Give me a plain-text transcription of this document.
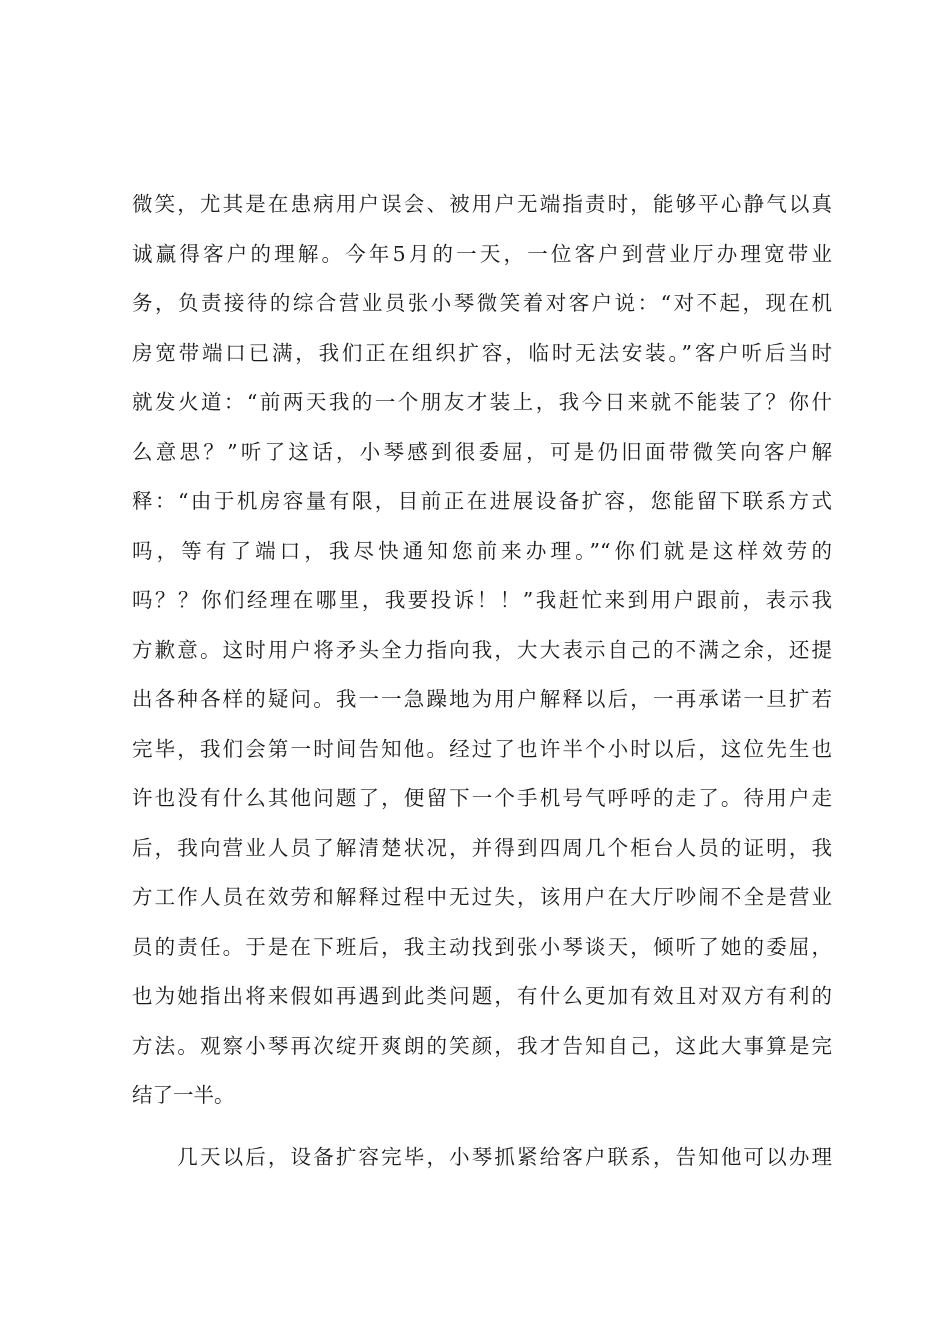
微笑，尤其是在患病用户误会、被用户无端指责时，能够平心静气以真
诚赢得客户的理解。今年5月的一天，一位客户到营业厅办理宽带业
务，负责接待的综合营业员张小琴微笑着对客户说：“对不起，现在机
房宽带端口已满，我们正在组织扩容，临时无法安装。”客户听后当时
就发火道：“前两天我的一个朋友才装上，我今日来就不能装了？你什
么意思？”听了这话，小琴感到很委屈，可是仍旧面带微笑向客户解
释：“由于机房容量有限，目前正在进展设备扩容，您能留下联系方式
吗，等有了端口，我尽快通知您前来办理。”“你们就是这样效劳的
吗？？你们经理在哪里，我要投诉！！”我赶忙来到用户跟前，表示我
方歉意。这时用户将矛头全力指向我，大大表示自己的不满之余，还提
出各种各样的疑问。我一一急躁地为用户解释以后，一再承诺一旦扩若
完毕，我们会第一时间告知他。经过了也许半个小时以后，这位先生也
许也没有什么其他问题了，便留下一个手机号气呼呼的走了。待用户走
后，我向营业人员了解清楚状况，并得到四周几个柜台人员的证明，我
方工作人员在效劳和解释过程中无过失，该用户在大厅吵闹不全是营业
员的责任。于是在下班后，我主动找到张小琴谈天，倾听了她的委屈，
也为她指出将来假如再遇到此类问题，有什么更加有效且对双方有利的
方法。观察小琴再次绽开爽朗的笑颜，我才告知自己，这此大事算是完
结了一半。
　　几天以后，设备扩容完毕，小琴抓紧给客户联系，告知他可以办理
